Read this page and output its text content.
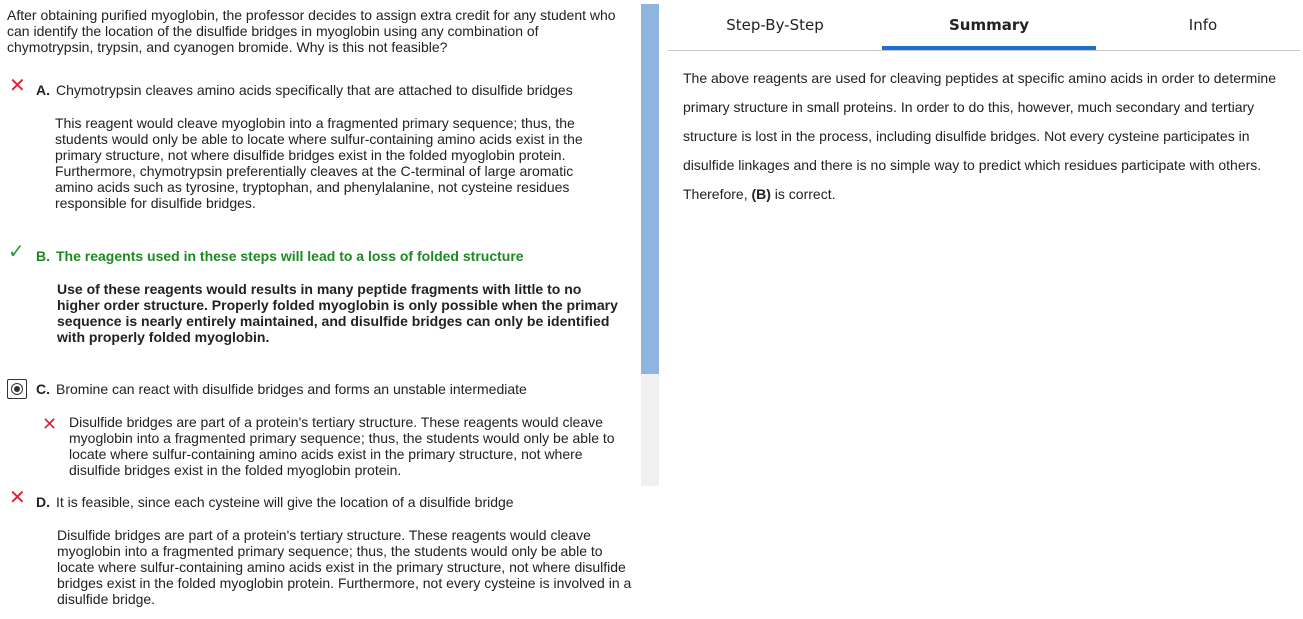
After obtaining purified myoglobin, the professor decides to assign extra credit for any student who can identify the location of the disulfide bridges in myoglobin using any combination of chymotrypsin, trypsin, and cyanogen bromide. Why is this not feasible?
✕ A. Chymotrypsin cleaves amino acids specifically that are attached to disulfide bridges
This reagent would cleave myoglobin into a fragmented primary sequence; thus, the students would only be able to locate where sulfur-containing amino acids exist in the primary structure, not where disulfide bridges exist in the folded myoglobin protein. Furthermore, chymotrypsin preferentially cleaves at the C-terminal of large aromatic amino acids such as tyrosine, tryptophan, and phenylalanine, not cysteine residues responsible for disulfide bridges.
✓ B. The reagents used in these steps will lead to a loss of folded structure
Use of these reagents would results in many peptide fragments with little to no higher order structure. Properly folded myoglobin is only possible when the primary sequence is nearly entirely maintained, and disulfide bridges can only be identified with properly folded myoglobin.
C. Bromine can react with disulfide bridges and forms an unstable intermediate
✕ Disulfide bridges are part of a protein's tertiary structure. These reagents would cleave myoglobin into a fragmented primary sequence; thus, the students would only be able to locate where sulfur-containing amino acids exist in the primary structure, not where disulfide bridges exist in the folded myoglobin protein.
✕ D. It is feasible, since each cysteine will give the location of a disulfide bridge
Disulfide bridges are part of a protein's tertiary structure. These reagents would cleave myoglobin into a fragmented primary sequence; thus, the students would only be able to locate where sulfur-containing amino acids exist in the primary structure, not where disulfide bridges exist in the folded myoglobin protein. Furthermore, not every cysteine is involved in a disulfide bridge.
Step-By-Step	Summary	Info
The above reagents are used for cleaving peptides at specific amino acids in order to determine primary structure in small proteins. In order to do this, however, much secondary and tertiary structure is lost in the process, including disulfide bridges. Not every cysteine participates in disulfide linkages and there is no simple way to predict which residues participate with others. Therefore, (B) is correct.
